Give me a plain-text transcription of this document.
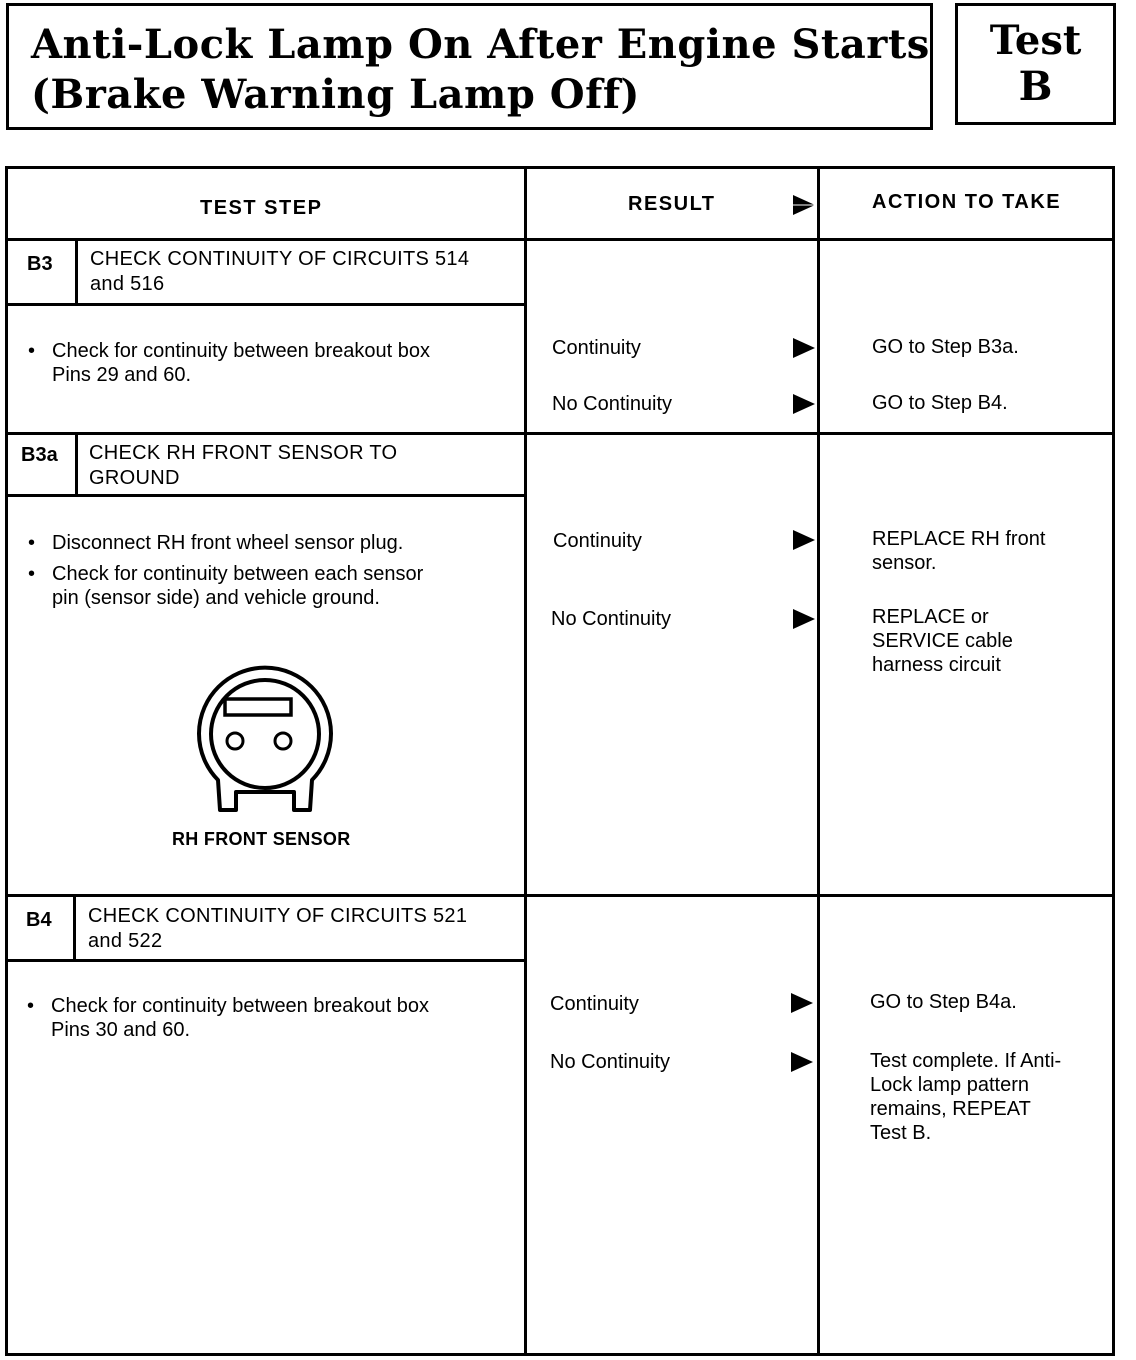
Anti-Lock Lamp On After Engine Starts
(Brake Warning Lamp Off)
Test
B
TEST STEP	RESULT	ACTION TO TAKE
B3 CHECK CONTINUITY OF CIRCUITS 514
and 516
• Check for continuity between breakout box
Pins 29 and 60.
Continuity	GO to Step B3a.
No Continuity	GO to Step B4.
B3a CHECK RH FRONT SENSOR TO
GROUND
• Disconnect RH front wheel sensor plug.
• Check for continuity between each sensor
pin (sensor side) and vehicle ground.
RH FRONT SENSOR
Continuity	REPLACE RH front
sensor.
No Continuity	REPLACE or
SERVICE cable
harness circuit
B4 CHECK CONTINUITY OF CIRCUITS 521
and 522
• Check for continuity between breakout box
Pins 30 and 60.
Continuity	GO to Step B4a.
No Continuity	Test complete. If Anti-
Lock lamp pattern
remains, REPEAT
Test B.
